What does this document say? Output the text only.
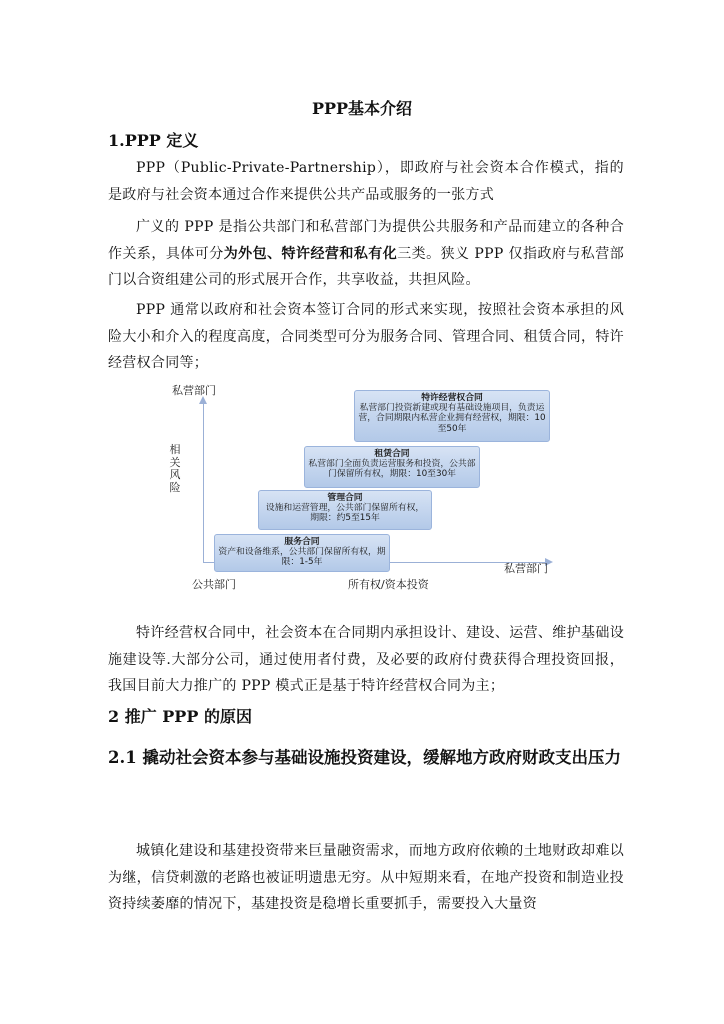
PPP基本介绍
1.PPP 定义
PPP（Public-Private-Partnership），即政府与社会资本合作模式，指的是政府与社会资本通过合作来提供公共产品或服务的一张方式
广义的 PPP 是指公共部门和私营部门为提供公共服务和产品而建立的各种合作关系，具体可分为外包、特许经营和私有化三类。狭义 PPP 仅指政府与私营部门以合资组建公司的形式展开合作，共享收益，共担风险。
PPP 通常以政府和社会资本签订合同的形式来实现，按照社会资本承担的风险大小和介入的程度高度，合同类型可分为服务合同、管理合同、租赁合同，特许经营权合同等；
私营部门
相
关
风
险
公共部门	所有权/资本投资
私营部门
特许经营权合同
私营部门投资新建或现有基础设施项目，负责运营，合同期限内私营企业拥有经营权，期限：10至50年
租赁合同
私营部门全面负责运营服务和投资，公共部门保留所有权，期限：10至30年
管理合同
设施和运营管理，公共部门保留所有权，期限：约5至15年
服务合同
资产和设备维系，公共部门保留所有权，期限：1-5年
特许经营权合同中，社会资本在合同期内承担设计、建设、运营、维护基础设施建设等.大部分公司，通过使用者付费，及必要的政府付费获得合理投资回报，我国目前大力推广的 PPP 模式正是基于特许经营权合同为主；
2 推广 PPP 的原因
2.1 撬动社会资本参与基础设施投资建设，缓解地方政府财政支出压力
城镇化建设和基建投资带来巨量融资需求，而地方政府依赖的土地财政却难以为继，信贷刺激的老路也被证明遗患无穷。从中短期来看，在地产投资和制造业投资持续萎靡的情况下，基建投资是稳增长重要抓手，需要投入大量资
